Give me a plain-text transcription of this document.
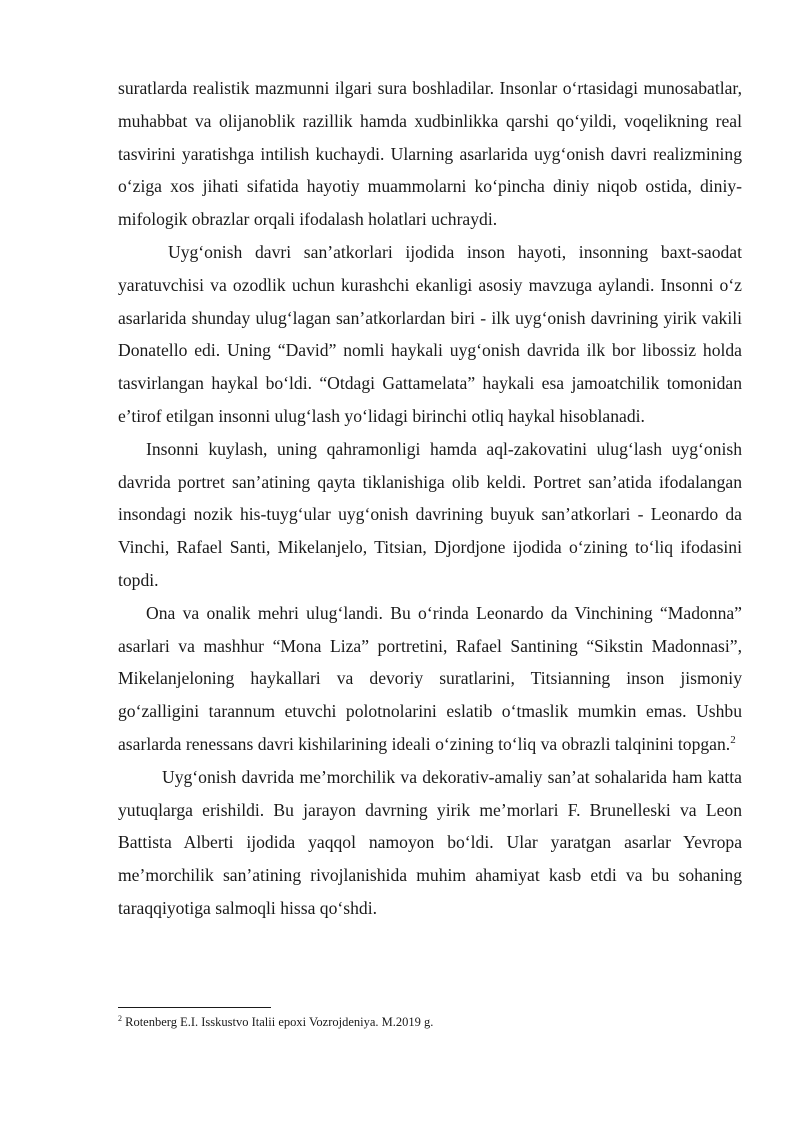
suratlarda realistik mazmunni ilgari sura boshladilar. Insonlar o‘rtasidagi munosabatlar, muhabbat va olijanoblik razillik hamda xudbinlikka qarshi qo‘yildi, voqelikning real tasvirini yaratishga intilish kuchaydi. Ularning asarlarida uyg‘onish davri realizmining o‘ziga xos jihati sifatida hayotiy muammolarni ko‘pincha diniy niqob ostida, diniy-mifologik obrazlar orqali ifodalash holatlari uchraydi.

Uyg‘onish davri san’atkorlari ijodida inson hayoti, insonning baxt-saodat yaratuvchisi va ozodlik uchun kurashchi ekanligi asosiy mavzuga aylandi. Insonni o‘z asarlarida shunday ulug‘lagan san’atkorlardan biri - ilk uyg‘onish davrining yirik vakili Donatello edi. Uning “David” nomli haykali uyg‘onish davrida ilk bor libossiz holda tasvirlangan haykal bo‘ldi. “Otdagi Gattamelata” haykali esa jamoatchilik tomonidan e’tirof etilgan insonni ulug‘lash yo‘lidagi birinchi otliq haykal hisoblanadi.

Insonni kuylash, uning qahramonligi hamda aql-zakovatini ulug‘lash uyg‘onish davrida portret san’atining qayta tiklanishiga olib keldi. Portret san’atida ifodalangan insondagi nozik his-tuyg‘ular uyg‘onish davrining buyuk san’atkorlari - Leonardo da Vinchi, Rafael Santi, Mikelanjelo, Titsian, Djordjone ijodida o‘zining to‘liq ifodasini topdi.

Ona va onalik mehri ulug‘landi. Bu o‘rinda Leonardo da Vinchining “Madonna” asarlari va mashhur “Mona Liza” portretini, Rafael Santining “Sikstin Madonnasi”, Mikelanjeloning haykallari va devoriy suratlarini, Titsianning inson jismoniy go‘zalligini tarannum etuvchi polotnolarini eslatib o‘tmaslik mumkin emas. Ushbu asarlarda renessans davri kishilarining ideali o‘zining to‘liq va obrazli talqinini topgan.$^2$

Uyg‘onish davrida me’morchilik va dekorativ-amaliy san’at sohalarida ham katta yutuqlarga erishildi. Bu jarayon davrning yirik me’morlari F. Brunelleski va Leon Battista Alberti ijodida yaqqol namoyon bo‘ldi. Ular yaratgan asarlar Yevropa me’morchilik san’atining rivojlanishida muhim ahamiyat kasb etdi va bu sohaning taraqqiyotiga salmoqli hissa qo‘shdi.

$^2$ Rotenberg E.I. Isskustvo Italii epoxi Vozrojdeniya. M.2019 g.
